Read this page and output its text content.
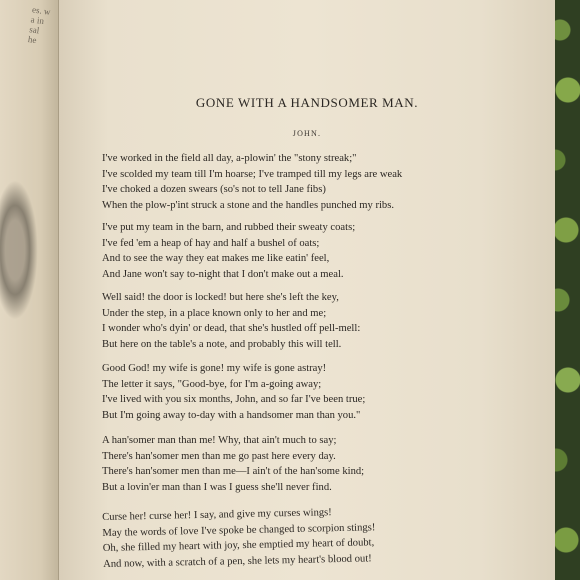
es. w
a in
sal
he
GONE WITH A HANDSOMER MAN.
JOHN.
I've worked in the field all day, a-plowin' the "stony streak;"
I've scolded my team till I'm hoarse; I've tramped till my legs are weak
I've choked a dozen swears (so's not to tell Jane fibs)
When the plow-p'int struck a stone and the handles punched my ribs.
I've put my team in the barn, and rubbed their sweaty coats;
I've fed 'em a heap of hay and half a bushel of oats;
And to see the way they eat makes me like eatin' feel,
And Jane won't say to-night that I don't make out a meal.
Well said! the door is locked! but here she's left the key,
Under the step, in a place known only to her and me;
I wonder who's dyin' or dead, that she's hustled off pell-mell:
But here on the table's a note, and probably this will tell.
Good God! my wife is gone! my wife is gone astray!
The letter it says, "Good-bye, for I'm a-going away;
I've lived with you six months, John, and so far I've been true;
But I'm going away to-day with a handsomer man than you."
A han'somer man than me! Why, that ain't much to say;
There's han'somer men than me go past here every day.
There's han'somer men than me—I ain't of the han'some kind;
But a lovin'er man than I was I guess she'll never find.
Curse her! curse her! I say, and give my curses wings!
May the words of love I've spoke be changed to scorpion stings!
Oh, she filled my heart with joy, she emptied my heart of doubt,
And now, with a scratch of a pen, she lets my heart's blood out!
